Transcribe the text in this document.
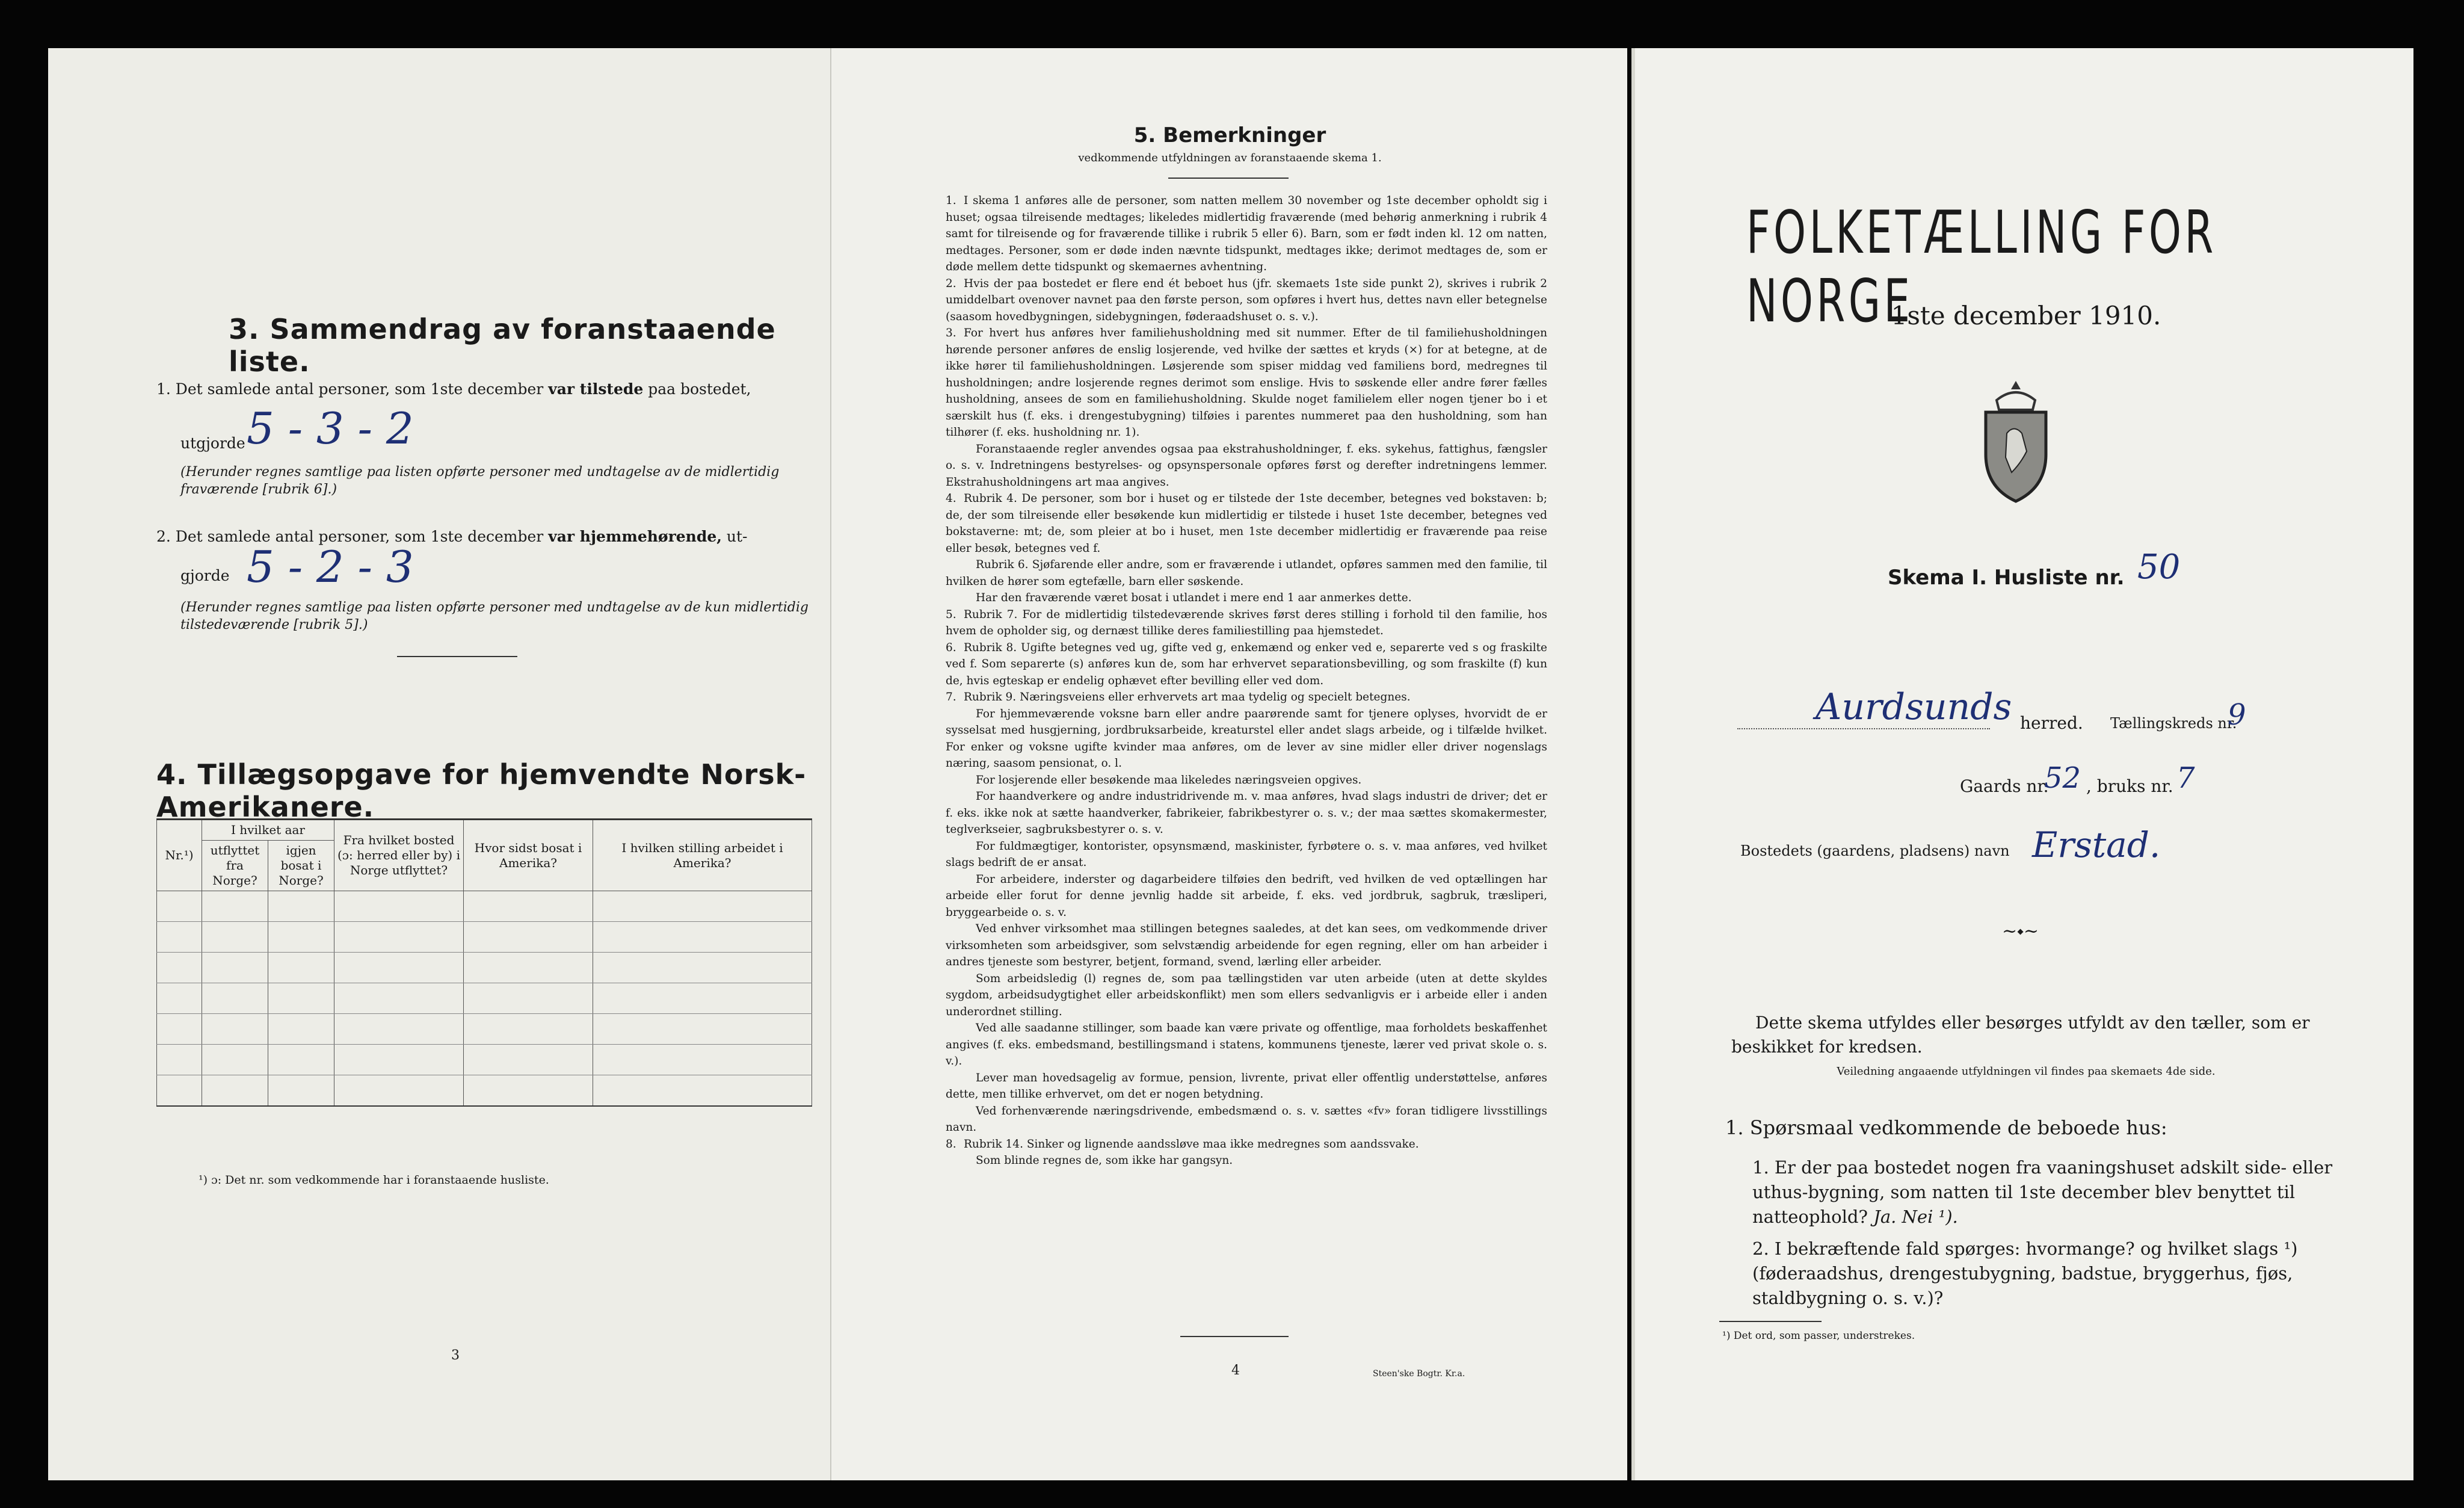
3. Sammendrag av foranstaaende liste.
1. Det samlede antal personer, som 1ste december var tilstede paa bostedet,
utgjorde 5 - 3 - 2
(Herunder regnes samtlige paa listen opførte personer med undtagelse av de midlertidig fraværende [rubrik 6].)
2. Det samlede antal personer, som 1ste december var hjemmehørende, ut-
gjorde 5 - 2 - 3
(Herunder regnes samtlige paa listen opførte personer med undtagelse av de kun midlertidig tilstedeværende [rubrik 5].)
4. Tillægsopgave for hjemvendte Norsk-Amerikanere.
Nr.¹)	I hvilket aar		Fra hvilket bosted (ɔ: herred eller by) i Norge utflyttet?	Hvor sidst bosat i Amerika?	I hvilken stilling arbeidet i Amerika?
	utflyttet fra Norge?	igjen bosat i Norge?			

¹) ɔ: Det nr. som vedkommende har i foranstaaende husliste.
3
5. Bemerkninger
vedkommende utfyldningen av foranstaaende skema 1.

1. I skema 1 anføres alle de personer, som natten mellem 30 november og 1ste december opholdt sig i huset; ogsaa tilreisende medtages; likeledes midlertidig fraværende (med behørig anmerkning i rubrik 4 samt for tilreisende og for fraværende tillike i rubrik 5 eller 6). Barn, som er født inden kl. 12 om natten, medtages. Personer, som er døde inden nævnte tidspunkt, medtages ikke; derimot medtages de, som er døde mellem dette tidspunkt og skemaernes avhentning.

2. Hvis der paa bostedet er flere end ét beboet hus (jfr. skemaets 1ste side punkt 2), skrives i rubrik 2 umiddelbart ovenover navnet paa den første person, som opføres i hvert hus, dettes navn eller betegnelse (saasom hovedbygningen, sidebygningen, føderaadshuset o. s. v.).

3. For hvert hus anføres hver familiehusholdning med sit nummer. Efter de til familiehusholdningen hørende personer anføres de enslig losjerende, ved hvilke der sættes et kryds (×) for at betegne, at de ikke hører til familiehusholdningen. Løsjerende som spiser middag ved familiens bord, medregnes til husholdningen; andre losjerende regnes derimot som enslige. Hvis to søskende eller andre fører fælles husholdning, ansees de som en familiehusholdning. Skulde noget familielem eller nogen tjener bo i et særskilt hus (f. eks. i drengestubygning) tilføies i parentes nummeret paa den husholdning, som han tilhører (f. eks. husholdning nr. 1).

Foranstaaende regler anvendes ogsaa paa ekstrahusholdninger, f. eks. sykehus, fattighus, fængsler o. s. v. Indretningens bestyrelses- og opsynspersonale opføres først og derefter indretningens lemmer. Ekstrahusholdningens art maa angives.

4. Rubrik 4. De personer, som bor i huset og er tilstede der 1ste december, betegnes ved bokstaven: b; de, der som tilreisende eller besøkende kun midlertidig er tilstede i huset 1ste december, betegnes ved bokstaverne: mt; de, som pleier at bo i huset, men 1ste december midlertidig er fraværende paa reise eller besøk, betegnes ved f.

Rubrik 6. Sjøfarende eller andre, som er fraværende i utlandet, opføres sammen med den familie, til hvilken de hører som egtefælle, barn eller søskende.

Har den fraværende været bosat i utlandet i mere end 1 aar anmerkes dette.

5. Rubrik 7. For de midlertidig tilstedeværende skrives først deres stilling i forhold til den familie, hos hvem de opholder sig, og dernæst tillike deres familiestilling paa hjemstedet.

6. Rubrik 8. Ugifte betegnes ved ug, gifte ved g, enkemænd og enker ved e, separerte ved s og fraskilte ved f. Som separerte (s) anføres kun de, som har erhvervet separationsbevilling, og som fraskilte (f) kun de, hvis egteskap er endelig ophævet efter bevilling eller ved dom.

7. Rubrik 9. Næringsveiens eller erhvervets art maa tydelig og specielt betegnes.

For hjemmeværende voksne barn eller andre paarørende samt for tjenere oplyses, hvorvidt de er sysselsat med husgjerning, jordbruksarbeide, kreaturstel eller andet slags arbeide, og i tilfælde hvilket. For enker og voksne ugifte kvinder maa anføres, om de lever av sine midler eller driver nogenslags næring, saasom pensionat, o. l.

For losjerende eller besøkende maa likeledes næringsveien opgives.

For haandverkere og andre industridrivende m. v. maa anføres, hvad slags industri de driver; det er f. eks. ikke nok at sætte haandverker, fabrikeier, fabrikbestyrer o. s. v.; der maa sættes skomakermester, teglverkseier, sagbruksbestyrer o. s. v.

For fuldmægtiger, kontorister, opsynsmænd, maskinister, fyrbøtere o. s. v. maa anføres, ved hvilket slags bedrift de er ansat.

For arbeidere, inderster og dagarbeidere tilføies den bedrift, ved hvilken de ved optællingen har arbeide eller forut for denne jevnlig hadde sit arbeide, f. eks. ved jordbruk, sagbruk, træsliperi, bryggearbeide o. s. v.

Ved enhver virksomhet maa stillingen betegnes saaledes, at det kan sees, om vedkommende driver virksomheten som arbeidsgiver, som selvstændig arbeidende for egen regning, eller om han arbeider i andres tjeneste som bestyrer, betjent, formand, svend, lærling eller arbeider.

Som arbeidsledig (l) regnes de, som paa tællingstiden var uten arbeide (uten at dette skyldes sygdom, arbeidsudygtighet eller arbeidskonflikt) men som ellers sedvanligvis er i arbeide eller i anden underordnet stilling.

Ved alle saadanne stillinger, som baade kan være private og offentlige, maa forholdets beskaffenhet angives (f. eks. embedsmand, bestillingsmand i statens, kommunens tjeneste, lærer ved privat skole o. s. v.).

Lever man hovedsagelig av formue, pension, livrente, privat eller offentlig understøttelse, anføres dette, men tillike erhvervet, om det er nogen betydning.

Ved forhenværende næringsdrivende, embedsmænd o. s. v. sættes «fv» foran tidligere livsstillings navn.

8. Rubrik 14. Sinker og lignende aandssløve maa ikke medregnes som aandssvake.

Som blinde regnes de, som ikke har gangsyn.

4	Steen'ske Bogtr. Kr.a.
FOLKETÆLLING FOR NORGE
1ste december 1910.
Skema I. Husliste nr. 50
Aurdsunds herred. Tællingskreds nr.
9
Gaards nr.
52 , bruks nr. 7
Bostedets (gaardens, pladsens) navn Erstad.
~⬩~
Dette skema utfyldes eller besørges utfyldt av den tæller, som er beskikket for kredsen.
Veiledning angaaende utfyldningen vil findes paa skemaets 4de side.
1. Spørsmaal vedkommende de beboede hus:
1. Er der paa bostedet nogen fra vaaningshuset adskilt side- eller uthus-bygning, som natten til 1ste december blev benyttet til natteophold? Ja. Nei ¹).
2. I bekræftende fald spørges: hvormange? og hvilket slags ¹) (føderaadshus, drengestubygning, badstue, bryggerhus, fjøs, staldbygning o. s. v.)?
¹) Det ord, som passer, understrekes.
